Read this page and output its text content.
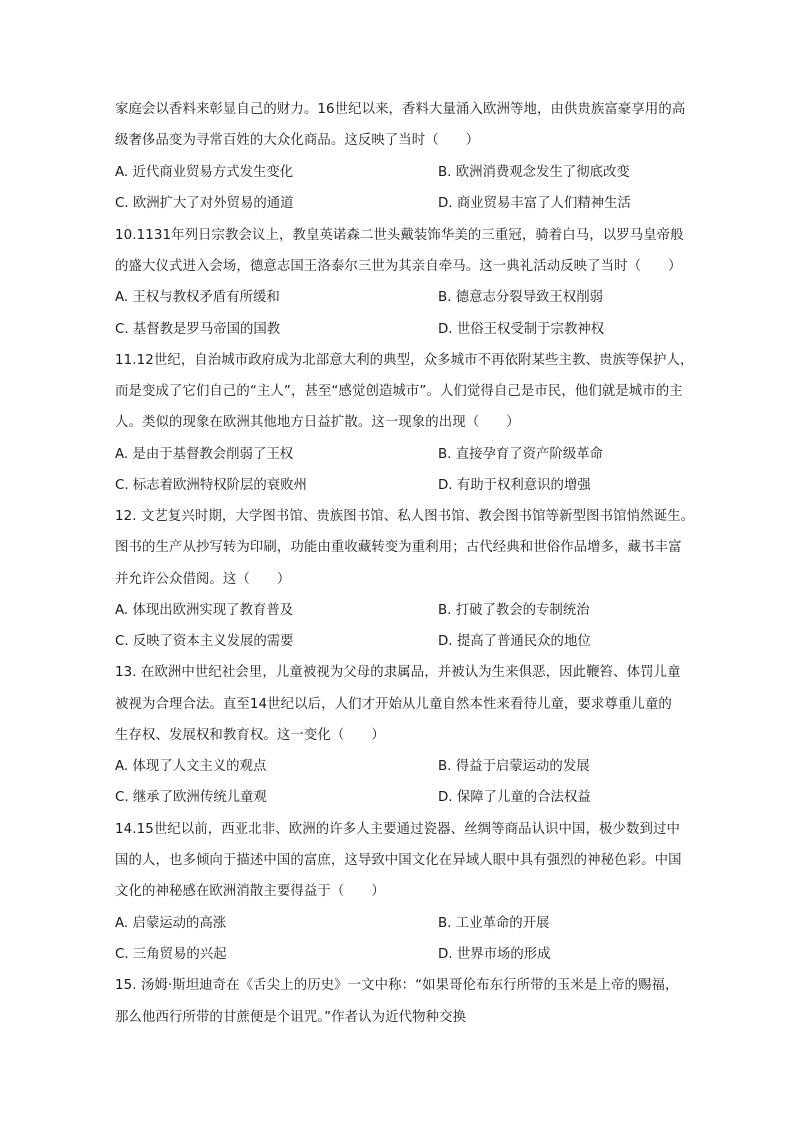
家庭会以香料来彰显自己的财力。16世纪以来，香料大量涌入欧洲等地，由供贵族富豪享用的高
级奢侈品变为寻常百姓的大众化商品。这反映了当时（　　）
A. 近代商业贸易方式发生变化	B. 欧洲消费观念发生了彻底改变
C. 欧洲扩大了对外贸易的通道	D. 商业贸易丰富了人们精神生活
10.1131年列日宗教会议上，教皇英诺森二世头戴装饰华美的三重冠，骑着白马，以罗马皇帝般
的盛大仪式进入会场，德意志国王洛泰尔三世为其亲自牵马。这一典礼活动反映了当时（　　）
A. 王权与教权矛盾有所缓和	B. 德意志分裂导致王权削弱
C. 基督教是罗马帝国的国教	D. 世俗王权受制于宗教神权
11.12世纪，自治城市政府成为北部意大利的典型，众多城市不再依附某些主教、贵族等保护人，
而是变成了它们自己的“主人”，甚至“感觉创造城市”。人们觉得自己是市民，他们就是城市的主
人。类似的现象在欧洲其他地方日益扩散。这一现象的出现（　　）
A. 是由于基督教会削弱了王权	B. 直接孕育了资产阶级革命
C. 标志着欧洲特权阶层的衰败州	D. 有助于权利意识的增强
12. 文艺复兴时期，大学图书馆、贵族图书馆、私人图书馆、教会图书馆等新型图书馆悄然诞生。
图书的生产从抄写转为印刷，功能由重收藏转变为重利用；古代经典和世俗作品增多，藏书丰富
并允许公众借阅。这（　　）
A. 体现出欧洲实现了教育普及	B. 打破了教会的专制统治
C. 反映了资本主义发展的需要	D. 提高了普通民众的地位
13. 在欧洲中世纪社会里，儿童被视为父母的隶属品，并被认为生来俱恶，因此鞭笞、体罚儿童
被视为合理合法。直至14世纪以后，人们才开始从儿童自然本性来看待儿童，要求尊重儿童的
生存权、发展权和教育权。这一变化（　　）
A. 体现了人文主义的观点	B. 得益于启蒙运动的发展
C. 继承了欧洲传统儿童观	D. 保障了儿童的合法权益
14.15世纪以前，西亚北非、欧洲的许多人主要通过瓷器、丝绸等商品认识中国，极少数到过中
国的人，也多倾向于描述中国的富庶，这导致中国文化在异域人眼中具有强烈的神秘色彩。中国
文化的神秘感在欧洲消散主要得益于（　　）
A. 启蒙运动的高涨	B. 工业革命的开展
C. 三角贸易的兴起	D. 世界市场的形成
15. 汤姆·斯坦迪奇在《舌尖上的历史》一文中称：“如果哥伦布东行所带的玉米是上帝的赐福，
那么他西行所带的甘蔗便是个诅咒。”作者认为近代物种交换
